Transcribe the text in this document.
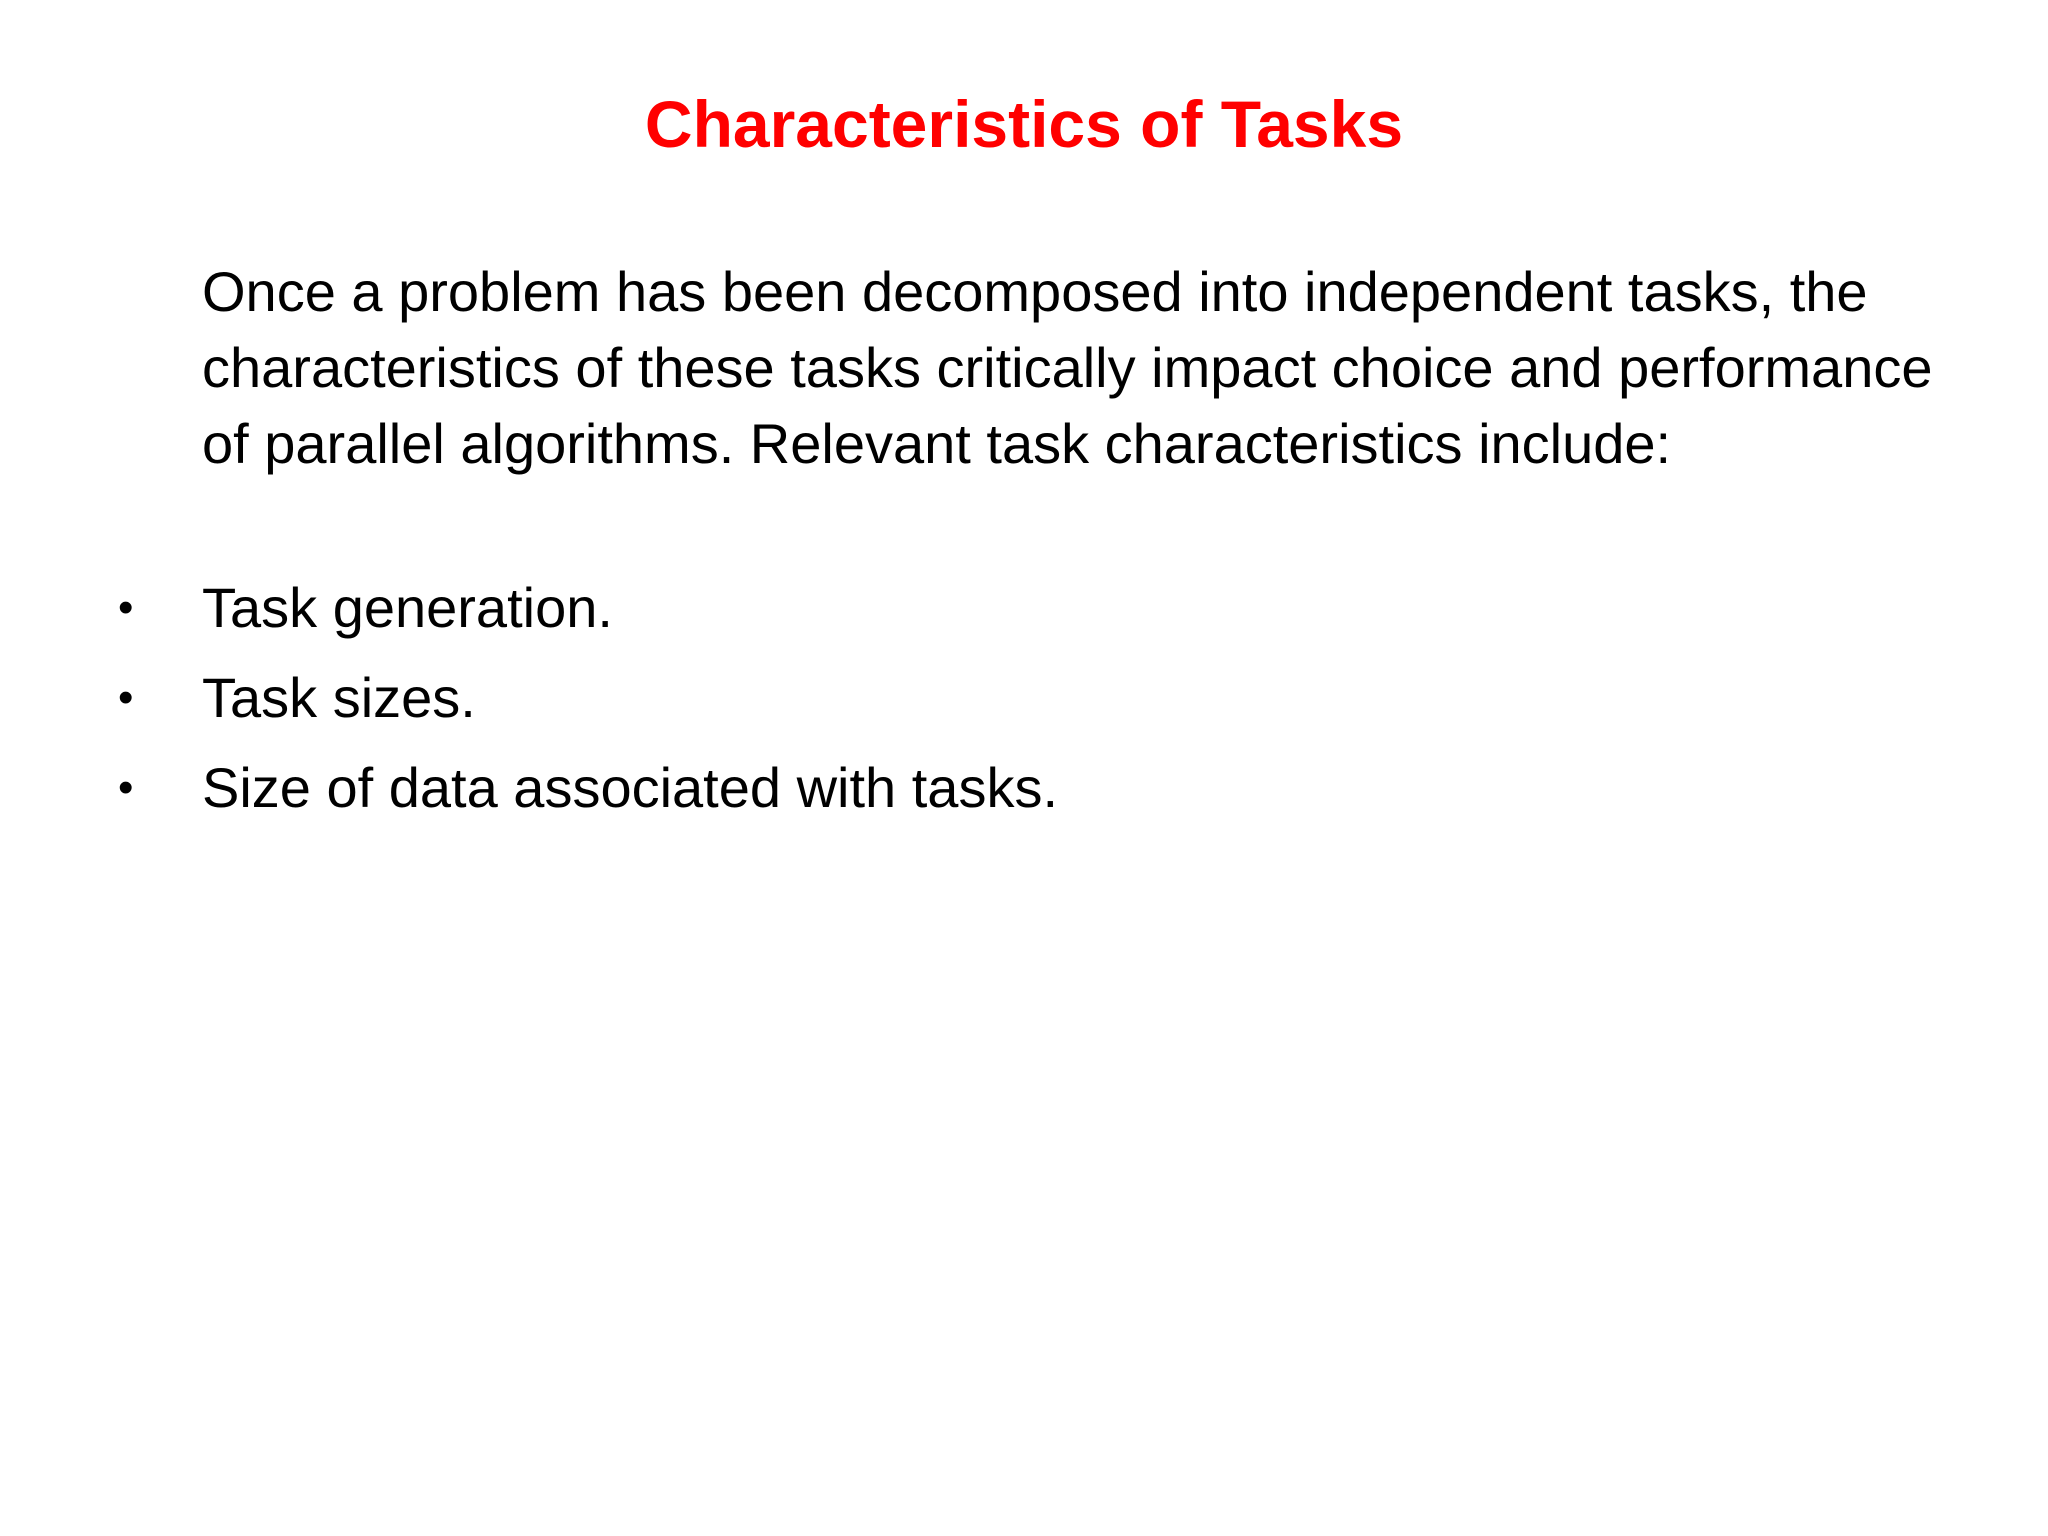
Characteristics of Tasks

Once a problem has been decomposed into independent tasks, the characteristics of these tasks critically impact choice and performance of parallel algorithms. Relevant task characteristics include:

• Task generation.
• Task sizes.
• Size of data associated with tasks.
